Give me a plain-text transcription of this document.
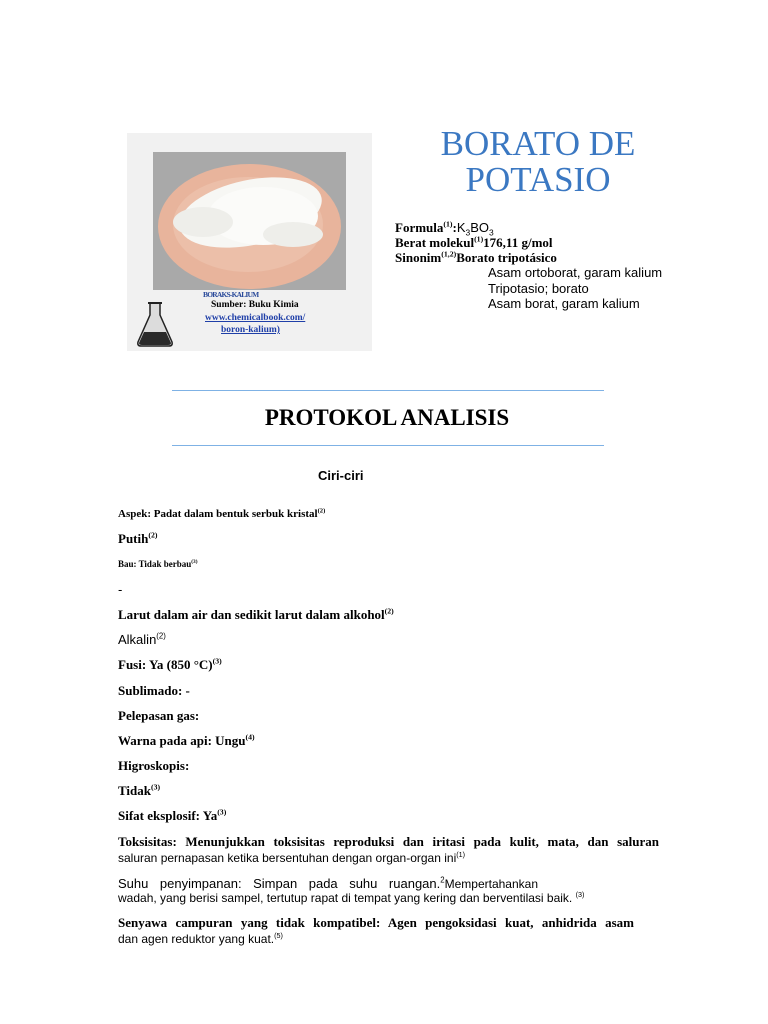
BORAKS-KALIUM
Sumber: Buku Kimia
www.chemicalbook.com/
boron-kalium)
BORATO DE
POTASIO
$Formula^{(1)}:K_3BO_3$
Berat molekul$^{(1)}$176,11 g/mol
Sinonim$^{(1,2)}$Borato tripotásico
Asam ortoborat, garam kalium
Tripotasio; borato
Asam borat, garam kalium
PROTOKOL ANALISIS
Ciri-ciri
Aspek: Padat dalam bentuk serbuk kristal$^{(2)}$
Putih$^{(2)}$
Bau: Tidak berbau$^{(3)}$
-
Larut dalam air dan sedikit larut dalam alkohol$^{(2)}$
Alkalin$^{(2)}$
Fusi: Ya (850 °C)$^{(3)}$
Sublimado: -
Pelepasan gas:
Warna pada api: Ungu$^{(4)}$
Higroskopis:
Tidak$^{(3)}$
Sifat eksplosif: Ya$^{(3)}$
Toksisitas: Menunjukkan toksisitas reproduksi dan iritasi pada kulit, mata, dan saluran
saluran pernapasan ketika bersentuhan dengan organ-organ ini$^{(1)}$
Suhu penyimpanan: Simpan pada suhu ruangan.$^2$Mempertahankan
wadah, yang berisi sampel, tertutup rapat di tempat yang kering dan berventilasi baik. $^{(3)}$
Senyawa campuran yang tidak kompatibel: Agen pengoksidasi kuat, anhidrida asam
dan agen reduktor yang kuat.$^{(5)}$
